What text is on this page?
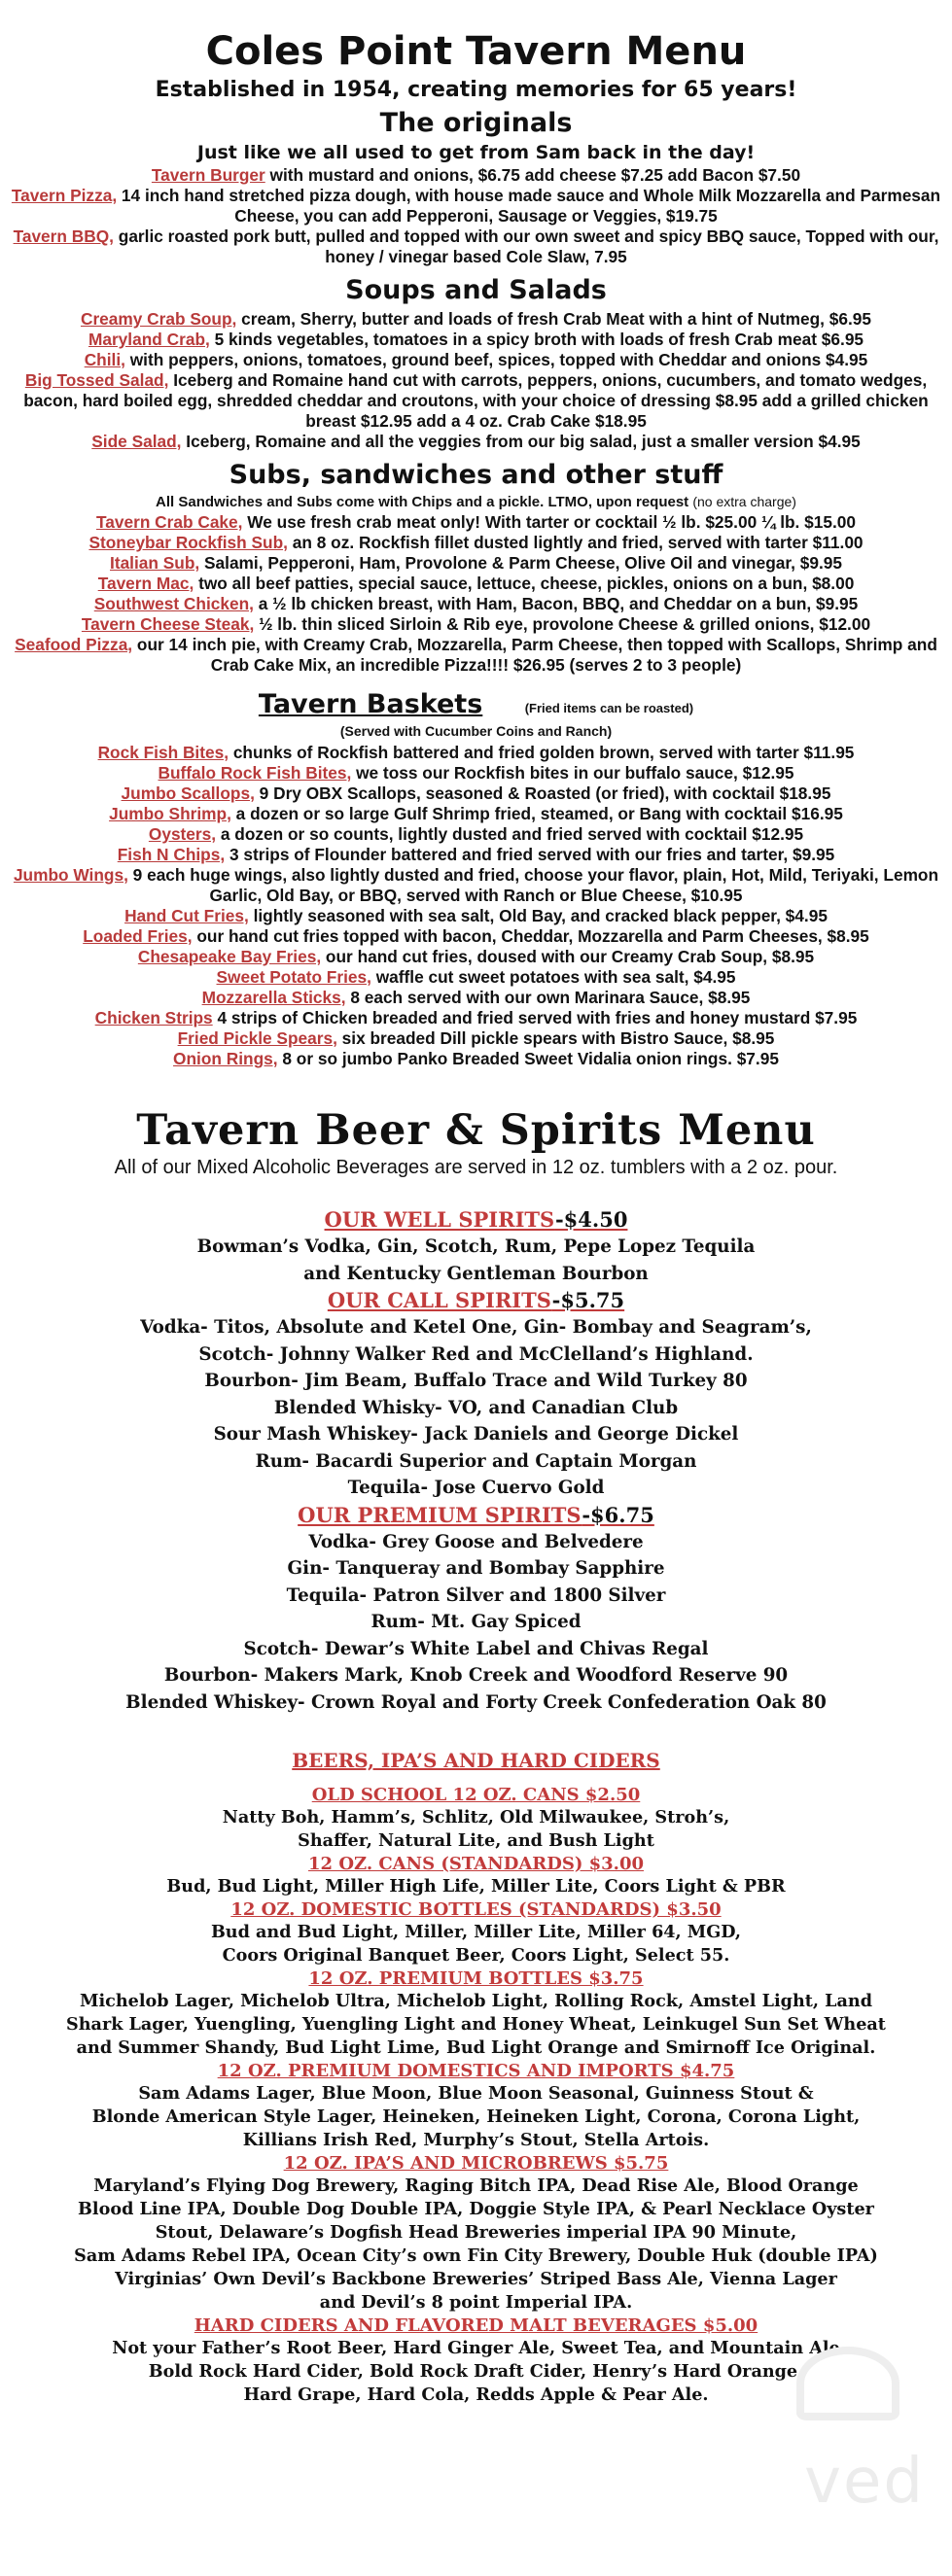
Coles Point Tavern Menu
Established in 1954, creating memories for 65 years!
The originals
Just like we all used to get from Sam back in the day!
Tavern Burger with mustard and onions, $6.75 add cheese $7.25 add Bacon $7.50
Tavern Pizza, 14 inch hand stretched pizza dough, with house made sauce and Whole Milk Mozzarella and Parmesan Cheese, you can add Pepperoni, Sausage or Veggies, $19.75
Tavern BBQ, garlic roasted pork butt, pulled and topped with our own sweet and spicy BBQ sauce, Topped with our, honey / vinegar based Cole Slaw, 7.95
Soups and Salads
Creamy Crab Soup, cream, Sherry, butter and loads of fresh Crab Meat with a hint of Nutmeg, $6.95
Maryland Crab, 5 kinds vegetables, tomatoes in a spicy broth with loads of fresh Crab meat $6.95
Chili, with peppers, onions, tomatoes, ground beef, spices, topped with Cheddar and onions $4.95
Big Tossed Salad, Iceberg and Romaine hand cut with carrots, peppers, onions, cucumbers, and tomato wedges, bacon, hard boiled egg, shredded cheddar and croutons, with your choice of dressing $8.95 add a grilled chicken breast $12.95 add a 4 oz. Crab Cake $18.95
Side Salad, Iceberg, Romaine and all the veggies from our big salad, just a smaller version $4.95
Subs, sandwiches and other stuff
All Sandwiches and Subs come with Chips and a pickle. LTMO, upon request (no extra charge)
Tavern Crab Cake, We use fresh crab meat only! With tarter or cocktail ½ lb. $25.00 ¼ lb. $15.00
Stoneybar Rockfish Sub, an 8 oz. Rockfish fillet dusted lightly and fried, served with tarter $11.00
Italian Sub, Salami, Pepperoni, Ham, Provolone & Parm Cheese, Olive Oil and vinegar, $9.95
Tavern Mac, two all beef patties, special sauce, lettuce, cheese, pickles, onions on a bun, $8.00
Southwest Chicken, a ½ lb chicken breast, with Ham, Bacon, BBQ, and Cheddar on a bun, $9.95
Tavern Cheese Steak, ½ lb. thin sliced Sirloin & Rib eye, provolone Cheese & grilled onions, $12.00
Seafood Pizza, our 14 inch pie, with Creamy Crab, Mozzarella, Parm Cheese, then topped with Scallops, Shrimp and Crab Cake Mix, an incredible Pizza!!!! $26.95 (serves 2 to 3 people)
Tavern Baskets	(Fried items can be roasted)
(Served with Cucumber Coins and Ranch)
Rock Fish Bites, chunks of Rockfish battered and fried golden brown, served with tarter $11.95
Buffalo Rock Fish Bites, we toss our Rockfish bites in our buffalo sauce, $12.95
Jumbo Scallops, 9 Dry OBX Scallops, seasoned & Roasted (or fried), with cocktail $18.95
Jumbo Shrimp, a dozen or so large Gulf Shrimp fried, steamed, or Bang with cocktail $16.95
Oysters, a dozen or so counts, lightly dusted and fried served with cocktail $12.95
Fish N Chips, 3 strips of Flounder battered and fried served with our fries and tarter, $9.95
Jumbo Wings, 9 each huge wings, also lightly dusted and fried, choose your flavor, plain, Hot, Mild, Teriyaki, Lemon Garlic, Old Bay, or BBQ, served with Ranch or Blue Cheese, $10.95
Hand Cut Fries, lightly seasoned with sea salt, Old Bay, and cracked black pepper, $4.95
Loaded Fries, our hand cut fries topped with bacon, Cheddar, Mozzarella and Parm Cheeses, $8.95
Chesapeake Bay Fries, our hand cut fries, doused with our Creamy Crab Soup, $8.95
Sweet Potato Fries, waffle cut sweet potatoes with sea salt, $4.95
Mozzarella Sticks, 8 each served with our own Marinara Sauce, $8.95
Chicken Strips 4 strips of Chicken breaded and fried served with fries and honey mustard $7.95
Fried Pickle Spears, six breaded Dill pickle spears with Bistro Sauce, $8.95
Onion Rings, 8 or so jumbo Panko Breaded Sweet Vidalia onion rings. $7.95
Tavern Beer & Spirits Menu
All of our Mixed Alcoholic Beverages are served in 12 oz. tumblers with a 2 oz. pour.
OUR WELL SPIRITS-$4.50
Bowman’s Vodka, Gin, Scotch, Rum, Pepe Lopez Tequila
and Kentucky Gentleman Bourbon
OUR CALL SPIRITS-$5.75
Vodka- Titos, Absolute and Ketel One, Gin- Bombay and Seagram’s,
Scotch- Johnny Walker Red and McClelland’s Highland.
Bourbon- Jim Beam, Buffalo Trace and Wild Turkey 80
Blended Whisky- VO, and Canadian Club
Sour Mash Whiskey- Jack Daniels and George Dickel
Rum- Bacardi Superior and Captain Morgan
Tequila- Jose Cuervo Gold
OUR PREMIUM SPIRITS-$6.75
Vodka- Grey Goose and Belvedere
Gin- Tanqueray and Bombay Sapphire
Tequila- Patron Silver and 1800 Silver
Rum- Mt. Gay Spiced
Scotch- Dewar’s White Label and Chivas Regal
Bourbon- Makers Mark, Knob Creek and Woodford Reserve 90
Blended Whiskey- Crown Royal and Forty Creek Confederation Oak 80
BEERS, IPA’S AND HARD CIDERS
OLD SCHOOL 12 OZ. CANS $2.50
Natty Boh, Hamm’s, Schlitz, Old Milwaukee, Stroh’s,
Shaffer, Natural Lite, and Bush Light
12 OZ. CANS (STANDARDS) $3.00
Bud, Bud Light, Miller High Life, Miller Lite, Coors Light & PBR
12 OZ. DOMESTIC BOTTLES (STANDARDS) $3.50
Bud and Bud Light, Miller, Miller Lite, Miller 64, MGD,
Coors Original Banquet Beer, Coors Light, Select 55.
12 OZ. PREMIUM BOTTLES $3.75
Michelob Lager, Michelob Ultra, Michelob Light, Rolling Rock, Amstel Light, Land
Shark Lager, Yuengling, Yuengling Light and Honey Wheat, Leinkugel Sun Set Wheat
and Summer Shandy, Bud Light Lime, Bud Light Orange and Smirnoff Ice Original.
12 OZ. PREMIUM DOMESTICS AND IMPORTS $4.75
Sam Adams Lager, Blue Moon, Blue Moon Seasonal, Guinness Stout &
Blonde American Style Lager, Heineken, Heineken Light, Corona, Corona Light,
Killians Irish Red, Murphy’s Stout, Stella Artois.
12 OZ. IPA’S AND MICROBREWS $5.75
Maryland’s Flying Dog Brewery, Raging Bitch IPA, Dead Rise Ale, Blood Orange
Blood Line IPA, Double Dog Double IPA, Doggie Style IPA, & Pearl Necklace Oyster
Stout, Delaware’s Dogfish Head Breweries imperial IPA 90 Minute,
Sam Adams Rebel IPA, Ocean City’s own Fin City Brewery, Double Huk (double IPA)
Virginias’ Own Devil’s Backbone Breweries’ Striped Bass Ale, Vienna Lager
and Devil’s 8 point Imperial IPA.
HARD CIDERS AND FLAVORED MALT BEVERAGES $5.00
Not your Father’s Root Beer, Hard Ginger Ale, Sweet Tea, and Mountain Ale
Bold Rock Hard Cider, Bold Rock Draft Cider, Henry’s Hard Orange,
Hard Grape, Hard Cola, Redds Apple & Pear Ale.
ved
